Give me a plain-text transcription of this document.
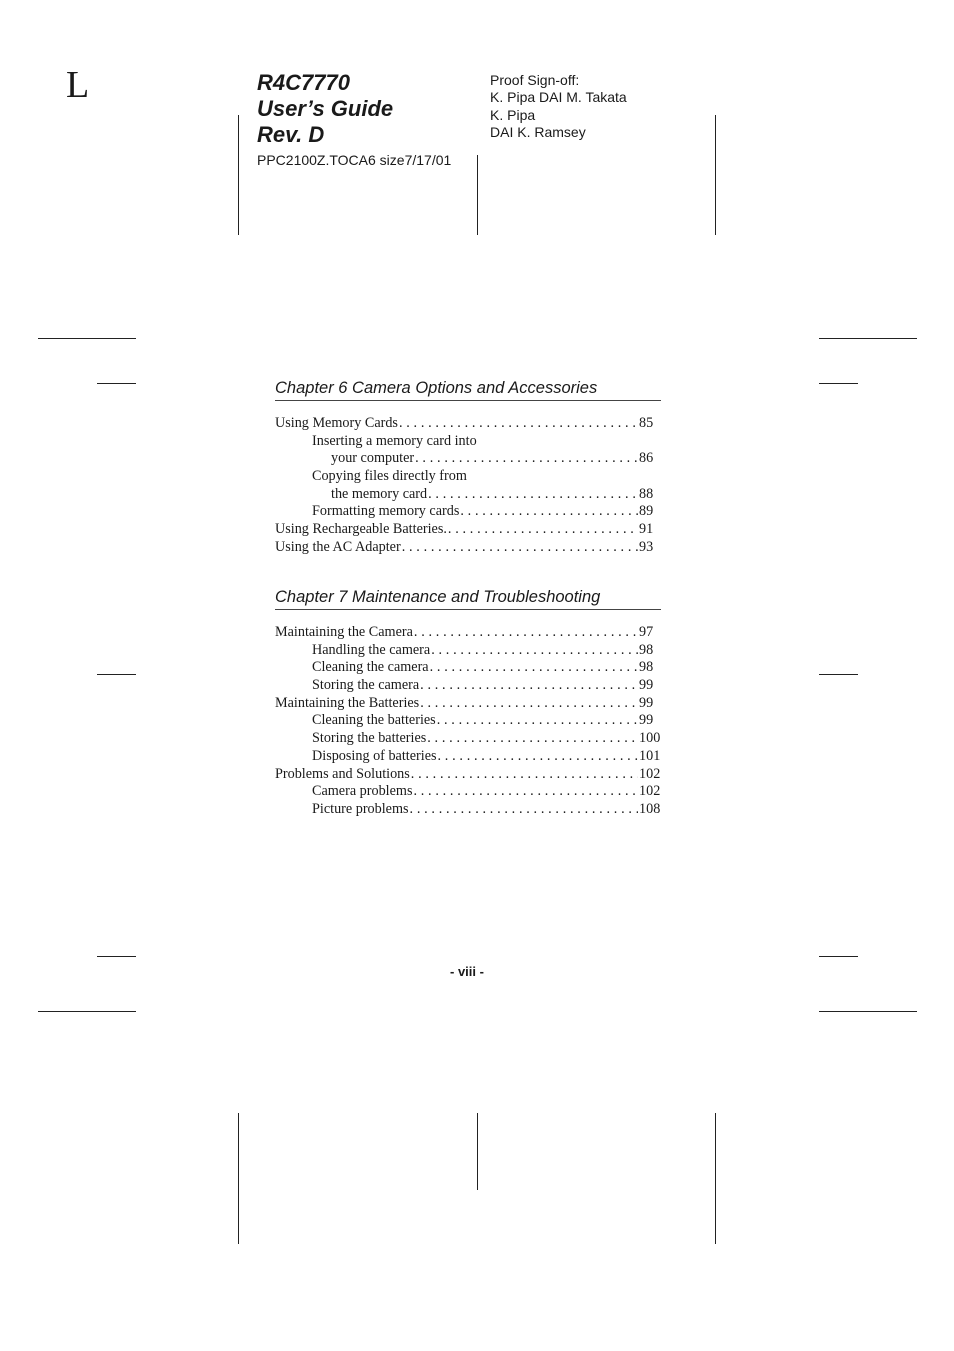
L	R4C7770
User’s Guide
Rev. D
PPC2100Z.TOCA6 size7/17/01
Proof Sign-off:
K. Pipa DAI M. Takata
K. Pipa
DAI K. Ramsey
Chapter 6 Camera Options and Accessories
Using Memory Cards . . .	85
Inserting a memory card into
your computer . . .	86
Copying files directly from
the memory card . . .	88
Formatting memory cards . . .	89
Using Rechargeable Batteries. . . .	91
Using the AC Adapter . . .	93
Chapter 7 Maintenance and Troubleshooting
Maintaining the Camera . . .	97
Handling the camera . . .	98
Cleaning the camera . . .	98
Storing the camera . . .	99
Maintaining the Batteries . . .	99
Cleaning the batteries . . .	99
Storing the batteries . . .	100
Disposing of batteries . . .	101
Problems and Solutions . . .	102
Camera problems . . .	102
Picture problems . . .	108
- viii -
